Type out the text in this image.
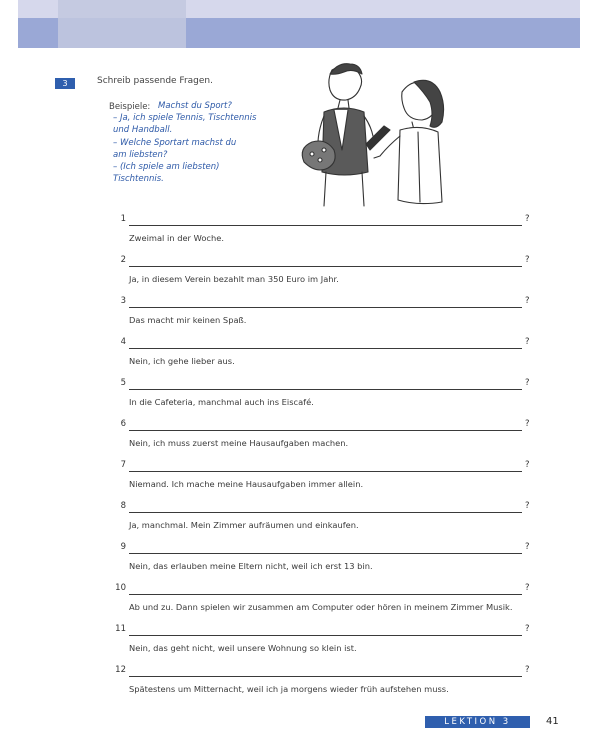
3	Schreib passende Fragen.
Beispiele: Machst du Sport?
– Ja, ich spiele Tennis, Tischtennis
und Handball.
– Welche Sportart machst du
am liebsten?
– (Ich spiele am liebsten)
Tischtennis.
1	?
Zweimal in der Woche.
2	?
Ja, in diesem Verein bezahlt man 350 Euro im Jahr.
3	?
Das macht mir keinen Spaß.
4	?
Nein, ich gehe lieber aus.
5	?
In die Cafeteria, manchmal auch ins Eiscafé.
6	?
Nein, ich muss zuerst meine Hausaufgaben machen.
7	?
Niemand. Ich mache meine Hausaufgaben immer allein.
8	?
Ja, manchmal. Mein Zimmer aufräumen und einkaufen.
9	?
Nein, das erlauben meine Eltern nicht, weil ich erst 13 bin.
10	?
Ab und zu. Dann spielen wir zusammen am Computer oder hören in meinem Zimmer Musik.
11	?
Nein, das geht nicht, weil unsere Wohnung so klein ist.
12	?
Spätestens um Mitternacht, weil ich ja morgens wieder früh aufstehen muss.
LEKTION 3	41
